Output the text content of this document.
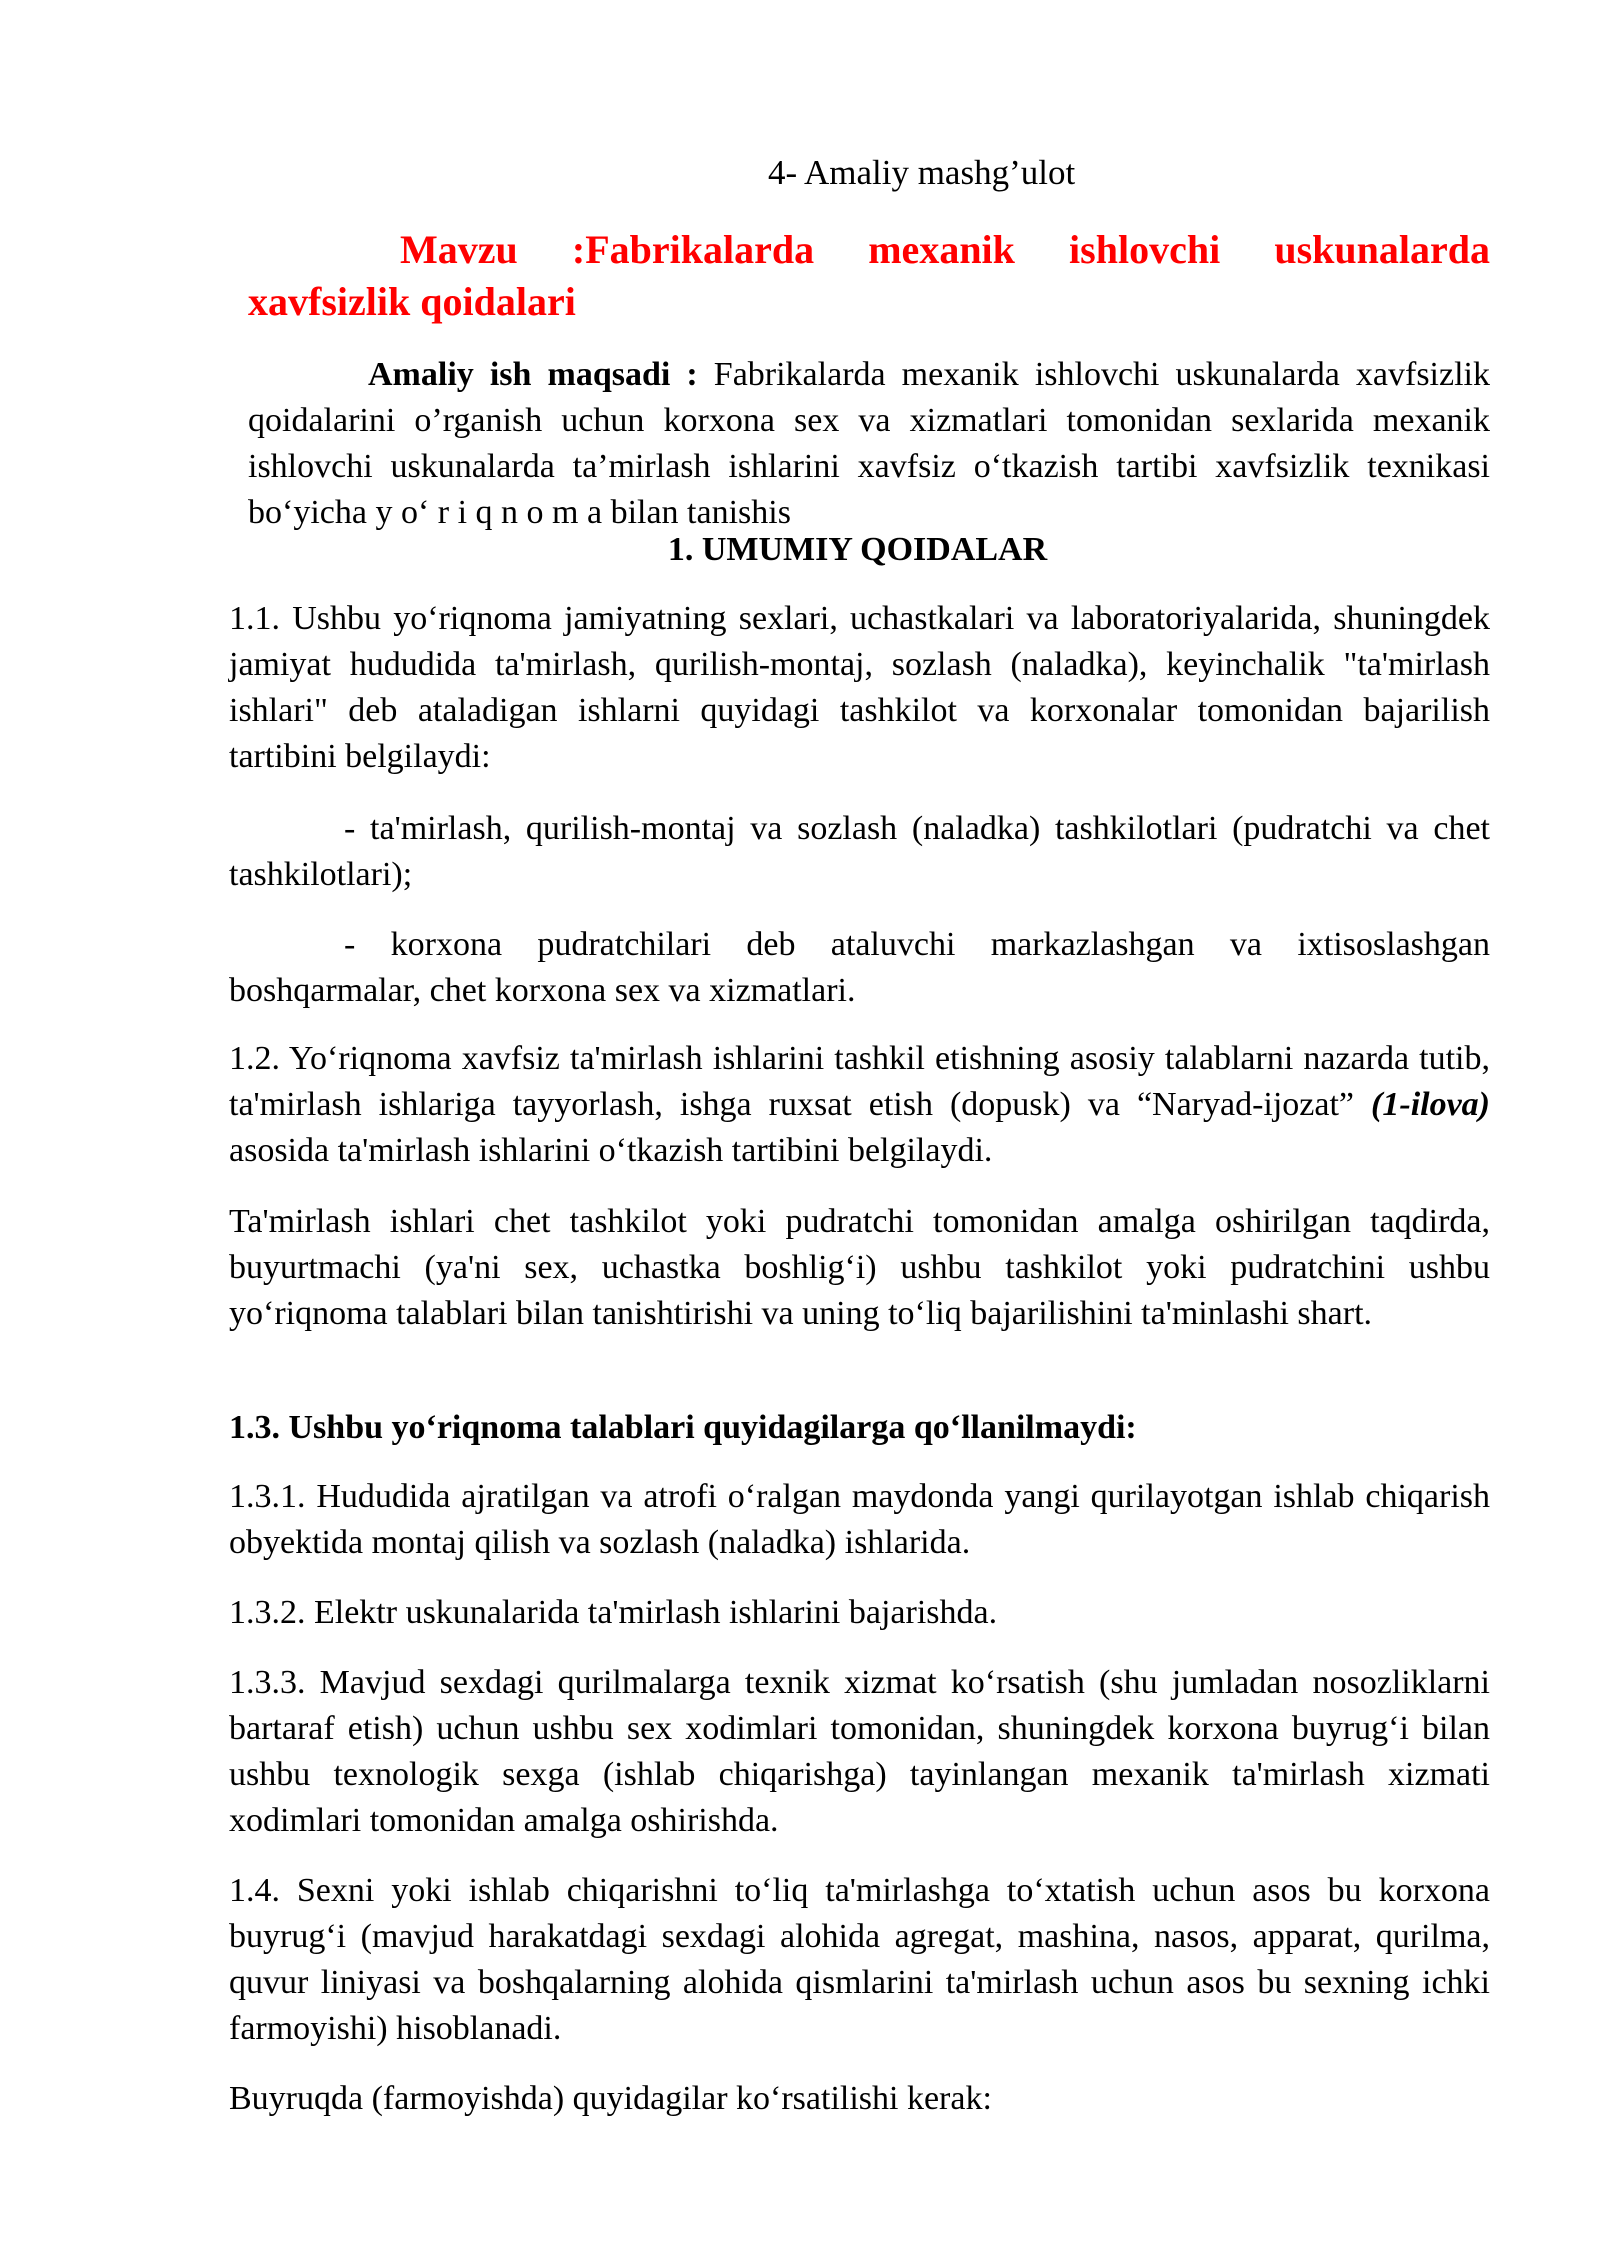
4- Amaliy mashg’ulot
Mavzu :Fabrikalarda mexanik ishlovchi uskunalarda
xavfsizlik qoidalari
Amaliy ish maqsadi : Fabrikalarda mexanik ishlovchi uskunalarda xavfsizlik qoidalarini o’rganish uchun korxona sex va xizmatlari tomonidan sexlarida mexanik ishlovchi uskunalarda ta’mirlash ishlarini xavfsiz o‘tkazish tartibi xavfsizlik texnikasi bo‘yicha y o‘ r i q n o m a bilan tanishis
1. UMUMIY QOIDALAR
1.1. Ushbu yo‘riqnoma jamiyatning sexlari, uchastkalari va laboratoriyalarida, shuningdek jamiyat hududida ta'mirlash, qurilish-montaj, sozlash (naladka), keyinchalik "ta'mirlash ishlari" deb ataladigan ishlarni quyidagi tashkilot va korxonalar tomonidan bajarilish tartibini belgilaydi:
- ta'mirlash, qurilish-montaj va sozlash (naladka) tashkilotlari (pudratchi va chet tashkilotlari);
- korxona pudratchilari deb ataluvchi markazlashgan va ixtisoslashgan boshqarmalar, chet korxona sex va xizmatlari.
1.2. Yo‘riqnoma xavfsiz ta'mirlash ishlarini tashkil etishning asosiy talablarni nazarda tutib, ta'mirlash ishlariga tayyorlash, ishga ruxsat etish (dopusk) va “Naryad-ijozat” (1-ilova) asosida ta'mirlash ishlarini o‘tkazish tartibini belgilaydi.
Ta'mirlash ishlari chet tashkilot yoki pudratchi tomonidan amalga oshirilgan taqdirda, buyurtmachi (ya'ni sex, uchastka boshlig‘i) ushbu tashkilot yoki pudratchini ushbu yo‘riqnoma talablari bilan tanishtirishi va uning to‘liq bajarilishini ta'minlashi shart.
1.3. Ushbu yo‘riqnoma talablari quyidagilarga qo‘llanilmaydi:
1.3.1. Hududida ajratilgan va atrofi o‘ralgan maydonda yangi qurilayotgan ishlab chiqarish obyektida montaj qilish va sozlash (naladka) ishlarida.
1.3.2. Elektr uskunalarida ta'mirlash ishlarini bajarishda.
1.3.3. Mavjud sexdagi qurilmalarga texnik xizmat ko‘rsatish (shu jumladan nosozliklarni bartaraf etish) uchun ushbu sex xodimlari tomonidan, shuningdek korxona buyrug‘i bilan ushbu texnologik sexga (ishlab chiqarishga) tayinlangan mexanik ta'mirlash xizmati xodimlari tomonidan amalga oshirishda.
1.4. Sexni yoki ishlab chiqarishni to‘liq ta'mirlashga to‘xtatish uchun asos bu korxona buyrug‘i (mavjud harakatdagi sexdagi alohida agregat, mashina, nasos, apparat, qurilma, quvur liniyasi va boshqalarning alohida qismlarini ta'mirlash uchun asos bu sexning ichki farmoyishi) hisoblanadi.
Buyruqda (farmoyishda) quyidagilar ko‘rsatilishi kerak:
